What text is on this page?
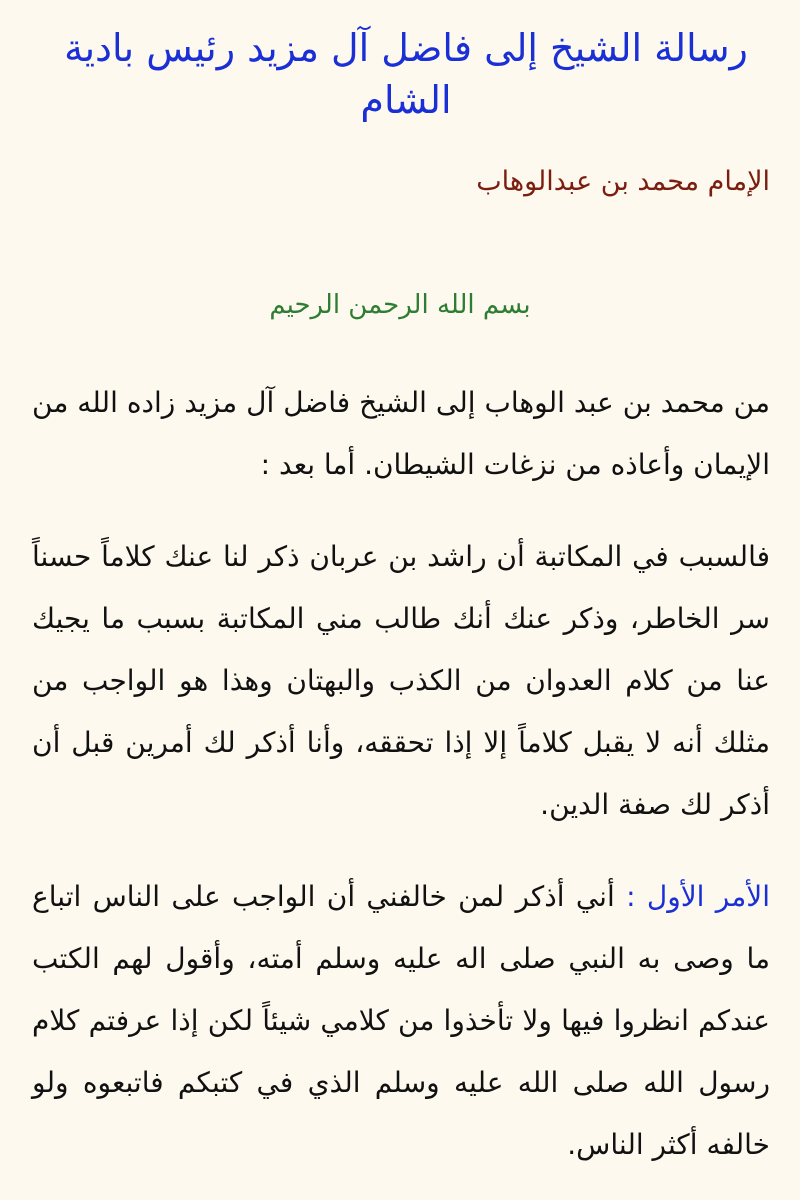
رسالة الشيخ إلى فاضل آل مزيد رئيس بادية الشام

الإمام محمد بن عبدالوهاب

بسم الله الرحمن الرحيم

من محمد بن عبد الوهاب إلى الشيخ فاضل آل مزيد زاده الله من الإيمان وأعاذه من نزغات الشيطان. أما بعد :

فالسبب في المكاتبة أن راشد بن عربان ذكر لنا عنك كلاماً حسناً سر الخاطر، وذكر عنك أنك طالب مني المكاتبة بسبب ما يجيك عنا من كلام العدوان من الكذب والبهتان وهذا هو الواجب من مثلك أنه لا يقبل كلاماً إلا إذا تحققه، وأنا أذكر لك أمرين قبل أن أذكر لك صفة الدين.

الأمر الأول : أني أذكر لمن خالفني أن الواجب على الناس اتباع ما وصى به النبي صلى اله عليه وسلم أمته، وأقول لهم الكتب عندكم انظروا فيها ولا تأخذوا من كلامي شيئاً لكن إذا عرفتم كلام رسول الله صلى الله عليه وسلم الذي في كتبكم فاتبعوه ولو خالفه أكثر الناس.
